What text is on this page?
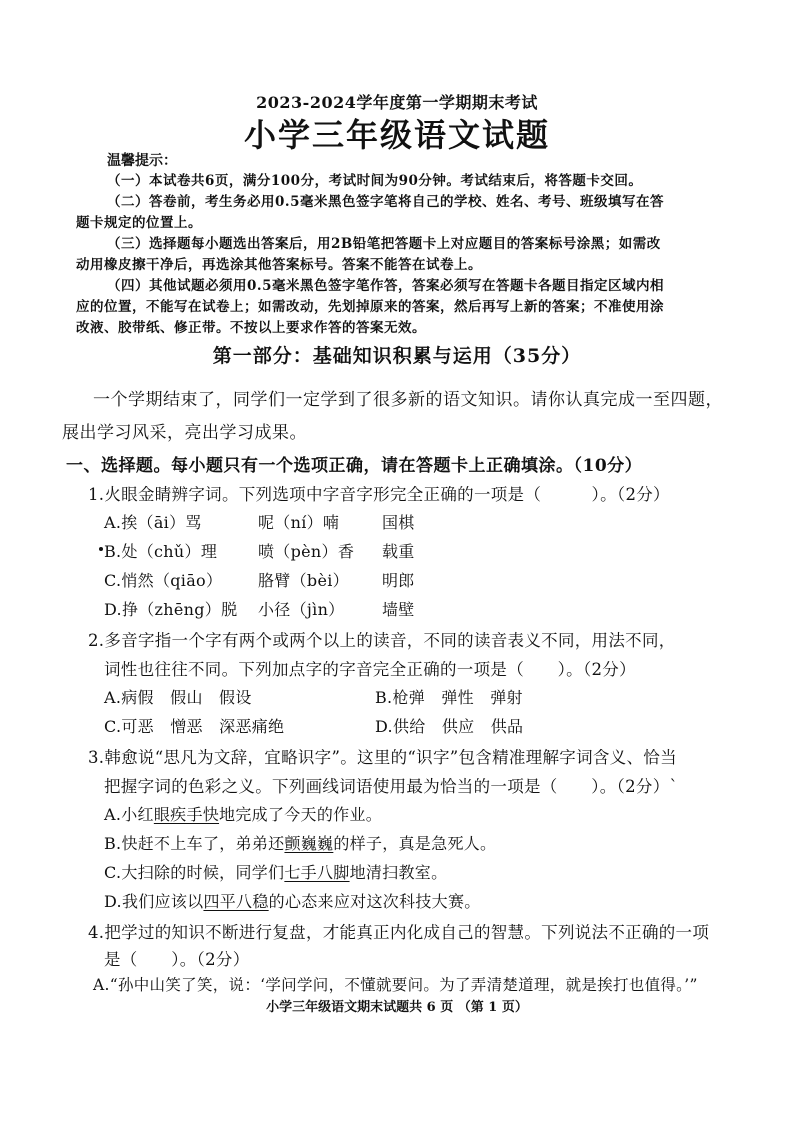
2023-2024学年度第一学期期末考试
小学三年级语文试题
温馨提示：
（一）本试卷共6页，满分100分，考试时间为90分钟。考试结束后，将答题卡交回。
（二）答卷前，考生务必用0.5毫米黑色签字笔将自己的学校、姓名、考号、班级填写在答
题卡规定的位置上。
（三）选择题每小题选出答案后，用2B铅笔把答题卡上对应题目的答案标号涂黑；如需改
动用橡皮擦干净后，再选涂其他答案标号。答案不能答在试卷上。
（四）其他试题必须用0.5毫米黑色签字笔作答，答案必须写在答题卡各题目指定区域内相
应的位置，不能写在试卷上；如需改动，先划掉原来的答案，然后再写上新的答案；不准使用涂
改液、胶带纸、修正带。不按以上要求作答的答案无效。
第一部分：基础知识积累与运用（35分）
一个学期结束了，同学们一定学到了很多新的语文知识。请你认真完成一至四题，
展出学习风采，亮出学习成果。
一、选择题。每小题只有一个选项正确，请在答题卡上正确填涂。（10分）
1.火眼金睛辨字词。下列选项中字音字形完全正确的一项是（　　　）。（2分）
A.挨（āi）骂	呢（ní）喃	国棋
B.处（chǔ）理	喷（pèn）香 载重
C.悄然（qiāo） 胳臂（bèi） 明郎
D.挣（zhēng）脱 小径（jìn） 墙壁
2.多音字指一个字有两个或两个以上的读音，不同的读音表义不同，用法不同，
词性也往往不同。下列加点字的字音完全正确的一项是（　　）。（2分）
A.病假　假山　假设	B.枪弹　弹性　弹射
C.可恶　憎恶　深恶痛绝	D.供给　供应　供品
3.韩愈说“思凡为文辞，宜略识字”。这里的“识字”包含精准理解字词含义、恰当
把握字词的色彩之义。下列画线词语使用最为恰当的一项是（　　）。（2分）`
A.小红眼疾手快地完成了今天的作业。
B.快赶不上车了，弟弟还颤巍巍的样子，真是急死人。
C.大扫除的时候，同学们七手八脚地清扫教室。
D.我们应该以四平八稳的心态来应对这次科技大赛。
4.把学过的知识不断进行复盘，才能真正内化成自己的智慧。下列说法不正确的一项
是（　　）。（2分）
A.“孙中山笑了笑，说：‘学问学问，不懂就要问。为了弄清楚道理，就是挨打也值得。’”
小学三年级语文期末试题共 6 页 （第 1 页）
